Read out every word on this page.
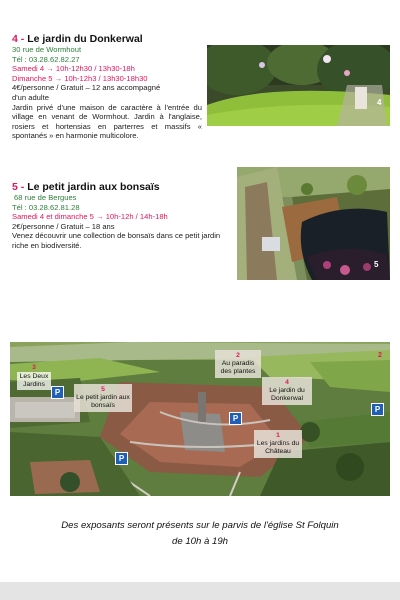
4 - Le jardin du Donkerwal
30 rue de Wormhout
Tél : 03.28.62.82.27
Samedi 4 → 10h-12h30 / 13h30-18h
Dimanche 5 → 10h-12h3 / 13h30-18h30
4€/personne / Gratuit – 12 ans accompagné
d'un adulte
Jardin privé d'une maison de caractère à l'entrée du village en venant de Wormhout. Jardin à l'anglaise, rosiers et hortensias en parterres et massifs « spontanés » en harmonie multicolore.
4
5 - Le petit jardin aux bonsaïs
68 rue de Bergues
Tél : 03.28.62.81.28
Samedi 4 et dimanche 5 → 10h-12h / 14h-18h
2€/personne / Gratuit – 18 ans
Venez découvrir une collection de bonsaïs dans ce petit jardin riche en biodiversité.
5
3
Les Deux Jardins
2
Au paradis des plantes
5
Le petit jardin aux bonsaïs
4
Le jardin du Donkerwal
1
Les jardins du Château
2
P
P
P
P
Des exposants seront présents sur le parvis de l'église St Folquin
de 10h à 19h
